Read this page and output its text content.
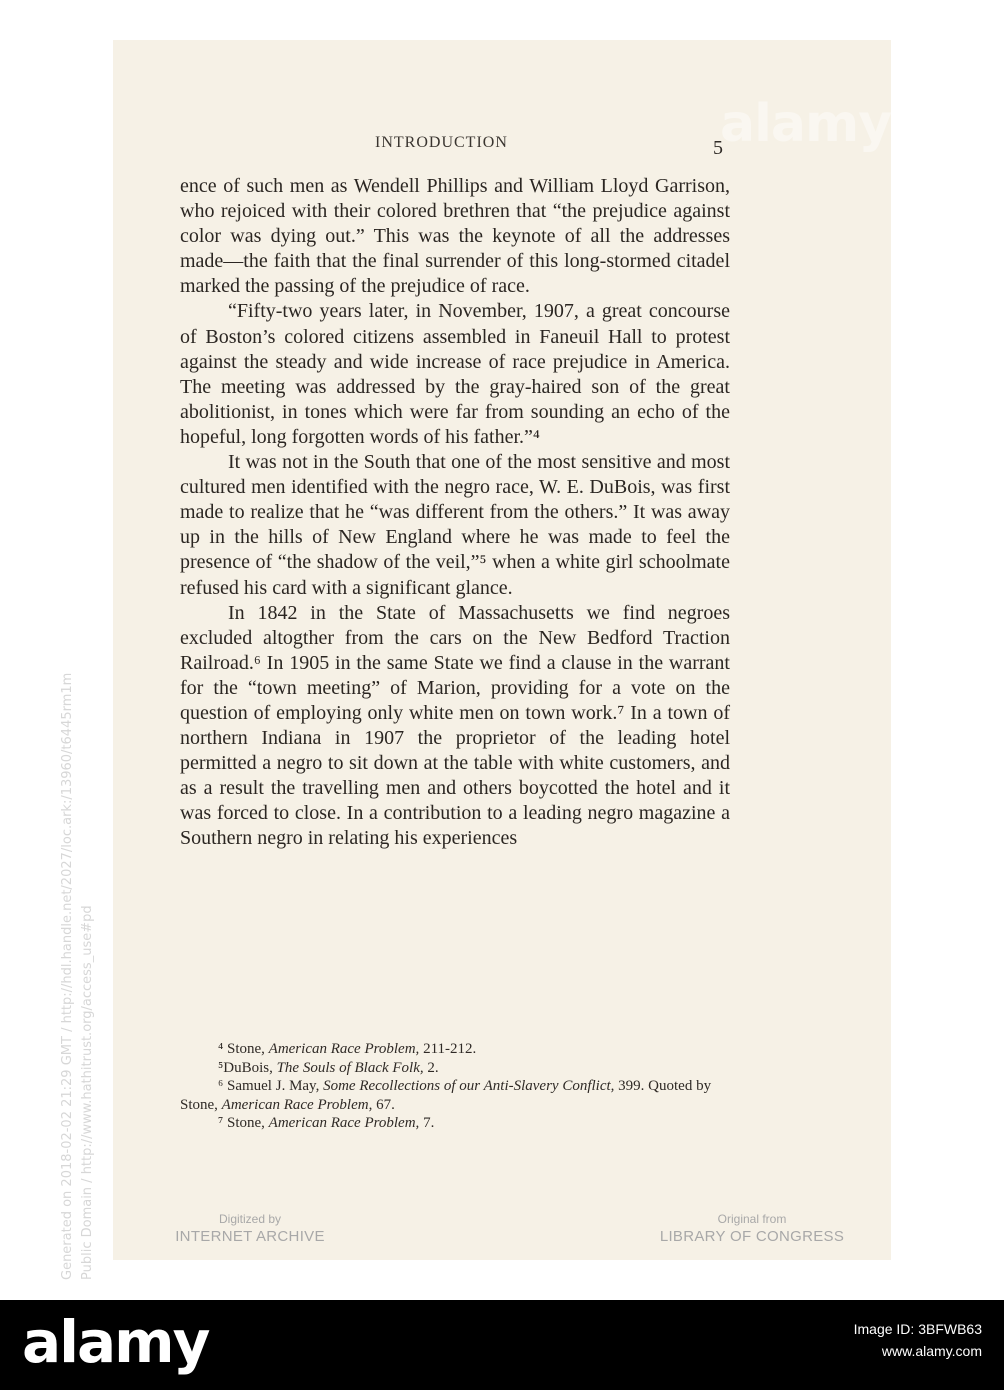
alamy
INTRODUCTION	5

ence of such men as Wendell Phillips and William Lloyd Garrison, who rejoiced with their colored brethren that “the prejudice against color was dying out.” This was the keynote of all the addresses made—the faith that the final surrender of this long-stormed citadel marked the passing of the prejudice of race.

“Fifty-two years later, in November, 1907, a great concourse of Boston’s colored citizens assembled in Faneuil Hall to protest against the steady and wide increase of race prejudice in America. The meeting was addressed by the gray-haired son of the great abolitionist, in tones which were far from sounding an echo of the hopeful, long forgotten words of his father.”⁴

It was not in the South that one of the most sensitive and most cultured men identified with the negro race, W. E. DuBois, was first made to realize that he “was different from the others.” It was away up in the hills of New England where he was made to feel the presence of “the shadow of the veil,”⁵ when a white girl schoolmate refused his card with a significant glance.

In 1842 in the State of Massachusetts we find negroes excluded altogther from the cars on the New Bedford Traction Railroad.⁶ In 1905 in the same State we find a clause in the warrant for the “town meeting” of Marion, providing for a vote on the question of employing only white men on town work.⁷ In a town of northern Indiana in 1907 the proprietor of the leading hotel permitted a negro to sit down at the table with white customers, and as a result the travelling men and others boycotted the hotel and it was forced to close. In a contribution to a leading negro magazine a Southern negro in relating his experiences

⁴ Stone, American Race Problem, 211-212.

⁵DuBois, The Souls of Black Folk, 2.

⁶ Samuel J. May, Some Recollections of our Anti-Slavery Conflict, 399. Quoted by Stone, American Race Problem, 67.

⁷ Stone, American Race Problem, 7.

Digitized by
INTERNET ARCHIVE
Original from
LIBRARY OF CONGRESS
Generated on 2018-02-02 21:29 GMT / http://hdl.handle.net/2027/loc.ark:/13960/t6445rm1m Public Domain / http://www.hathitrust.org/access_use#pd
alamy	Image ID: 3BFWB63
www.alamy.com
